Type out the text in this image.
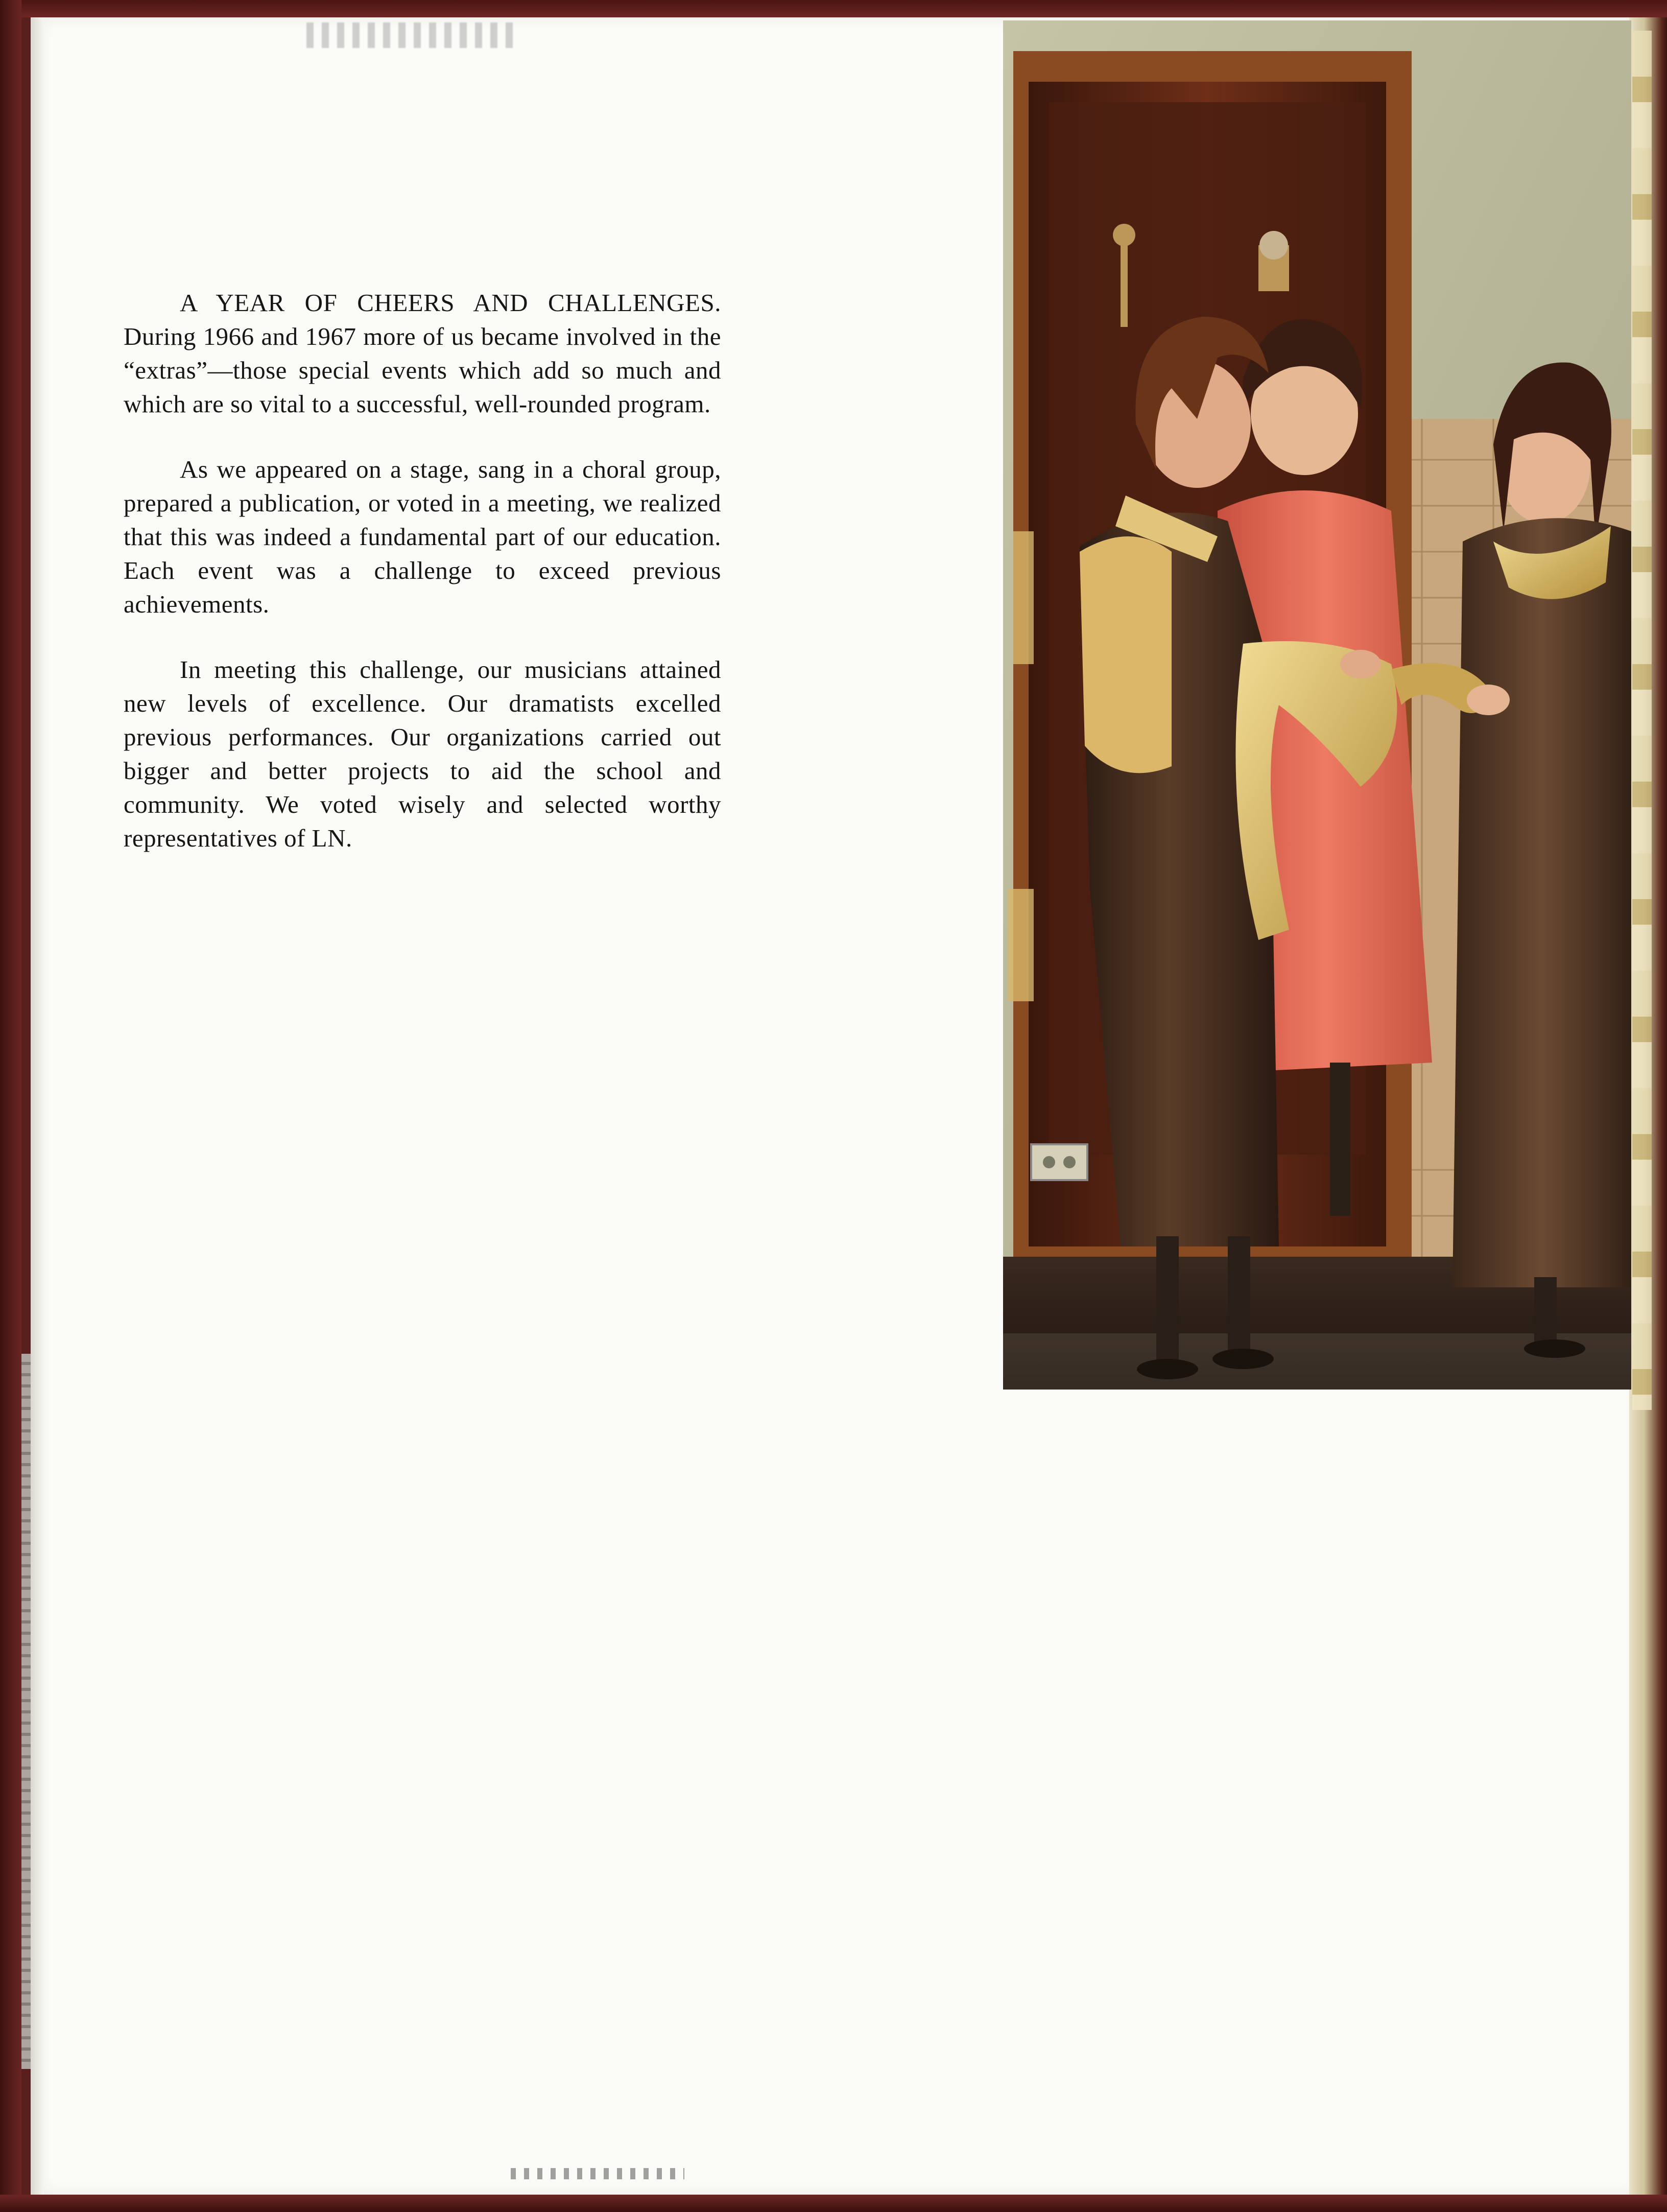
A YEAR OF CHEERS AND CHALLENGES. During 1966 and 1967 more of us became involved in the “extras”—those special events which add so much and which are so vital to a successful, well-rounded program.

As we appeared on a stage, sang in a choral group, prepared a publication, or voted in a meeting, we realized that this was indeed a fundamental part of our education. Each event was a challenge to exceed previous achievements.

In meeting this challenge, our musicians attained new levels of excellence. Our dramatists excelled previous performances. Our organizations carried out bigger and better projects to aid the school and community. We voted wisely and selected worthy representatives of LN.
